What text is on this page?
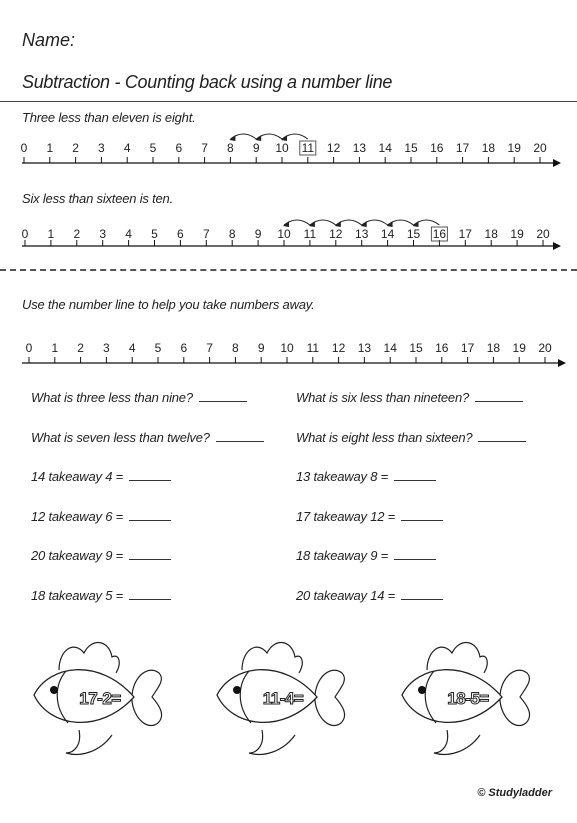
Name:
Subtraction - Counting back using a number line
Three less than eleven is eight.
0 1 2 3 4 5 6 7 8 9 10 11 12 13 14 15 16 17 18 19 20
Six less than sixteen is ten.
0 1 2 3 4 5 6 7 8 9 10 11 12 13 14 15 16 17 18 19 20
Use the number line to help you take numbers away.
0 1 2 3 4 5 6 7 8 9 10 11 12 13 14 15 16 17 18 19 20
What is three less than nine?
What is seven less than twelve?
14 takeaway 4 =
12 takeaway 6 =
20 takeaway 9 =
18 takeaway 5 =
What is six less than nineteen?
What is eight less than sixteen?
13 takeaway 8 =
17 takeaway 12 =
18 takeaway 9 =
20 takeaway 14 =
17-2=	11-4=	18-5=
© Studyladder
